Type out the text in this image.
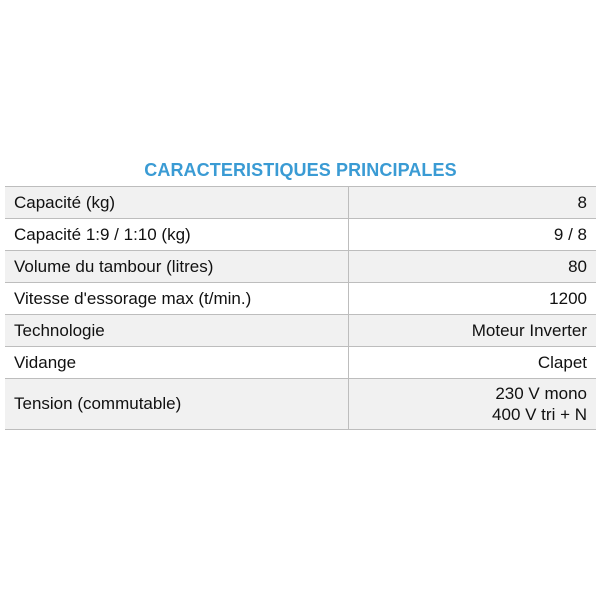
CARACTERISTIQUES PRINCIPALES
Capacité (kg)	8
Capacité 1:9 / 1:10 (kg)	9 / 8
Volume du tambour (litres)	80
Vitesse d'essorage max (t/min.)	1200
Technologie	Moteur Inverter
Vidange	Clapet
Tension (commutable)	230 V mono
400 V tri + N
